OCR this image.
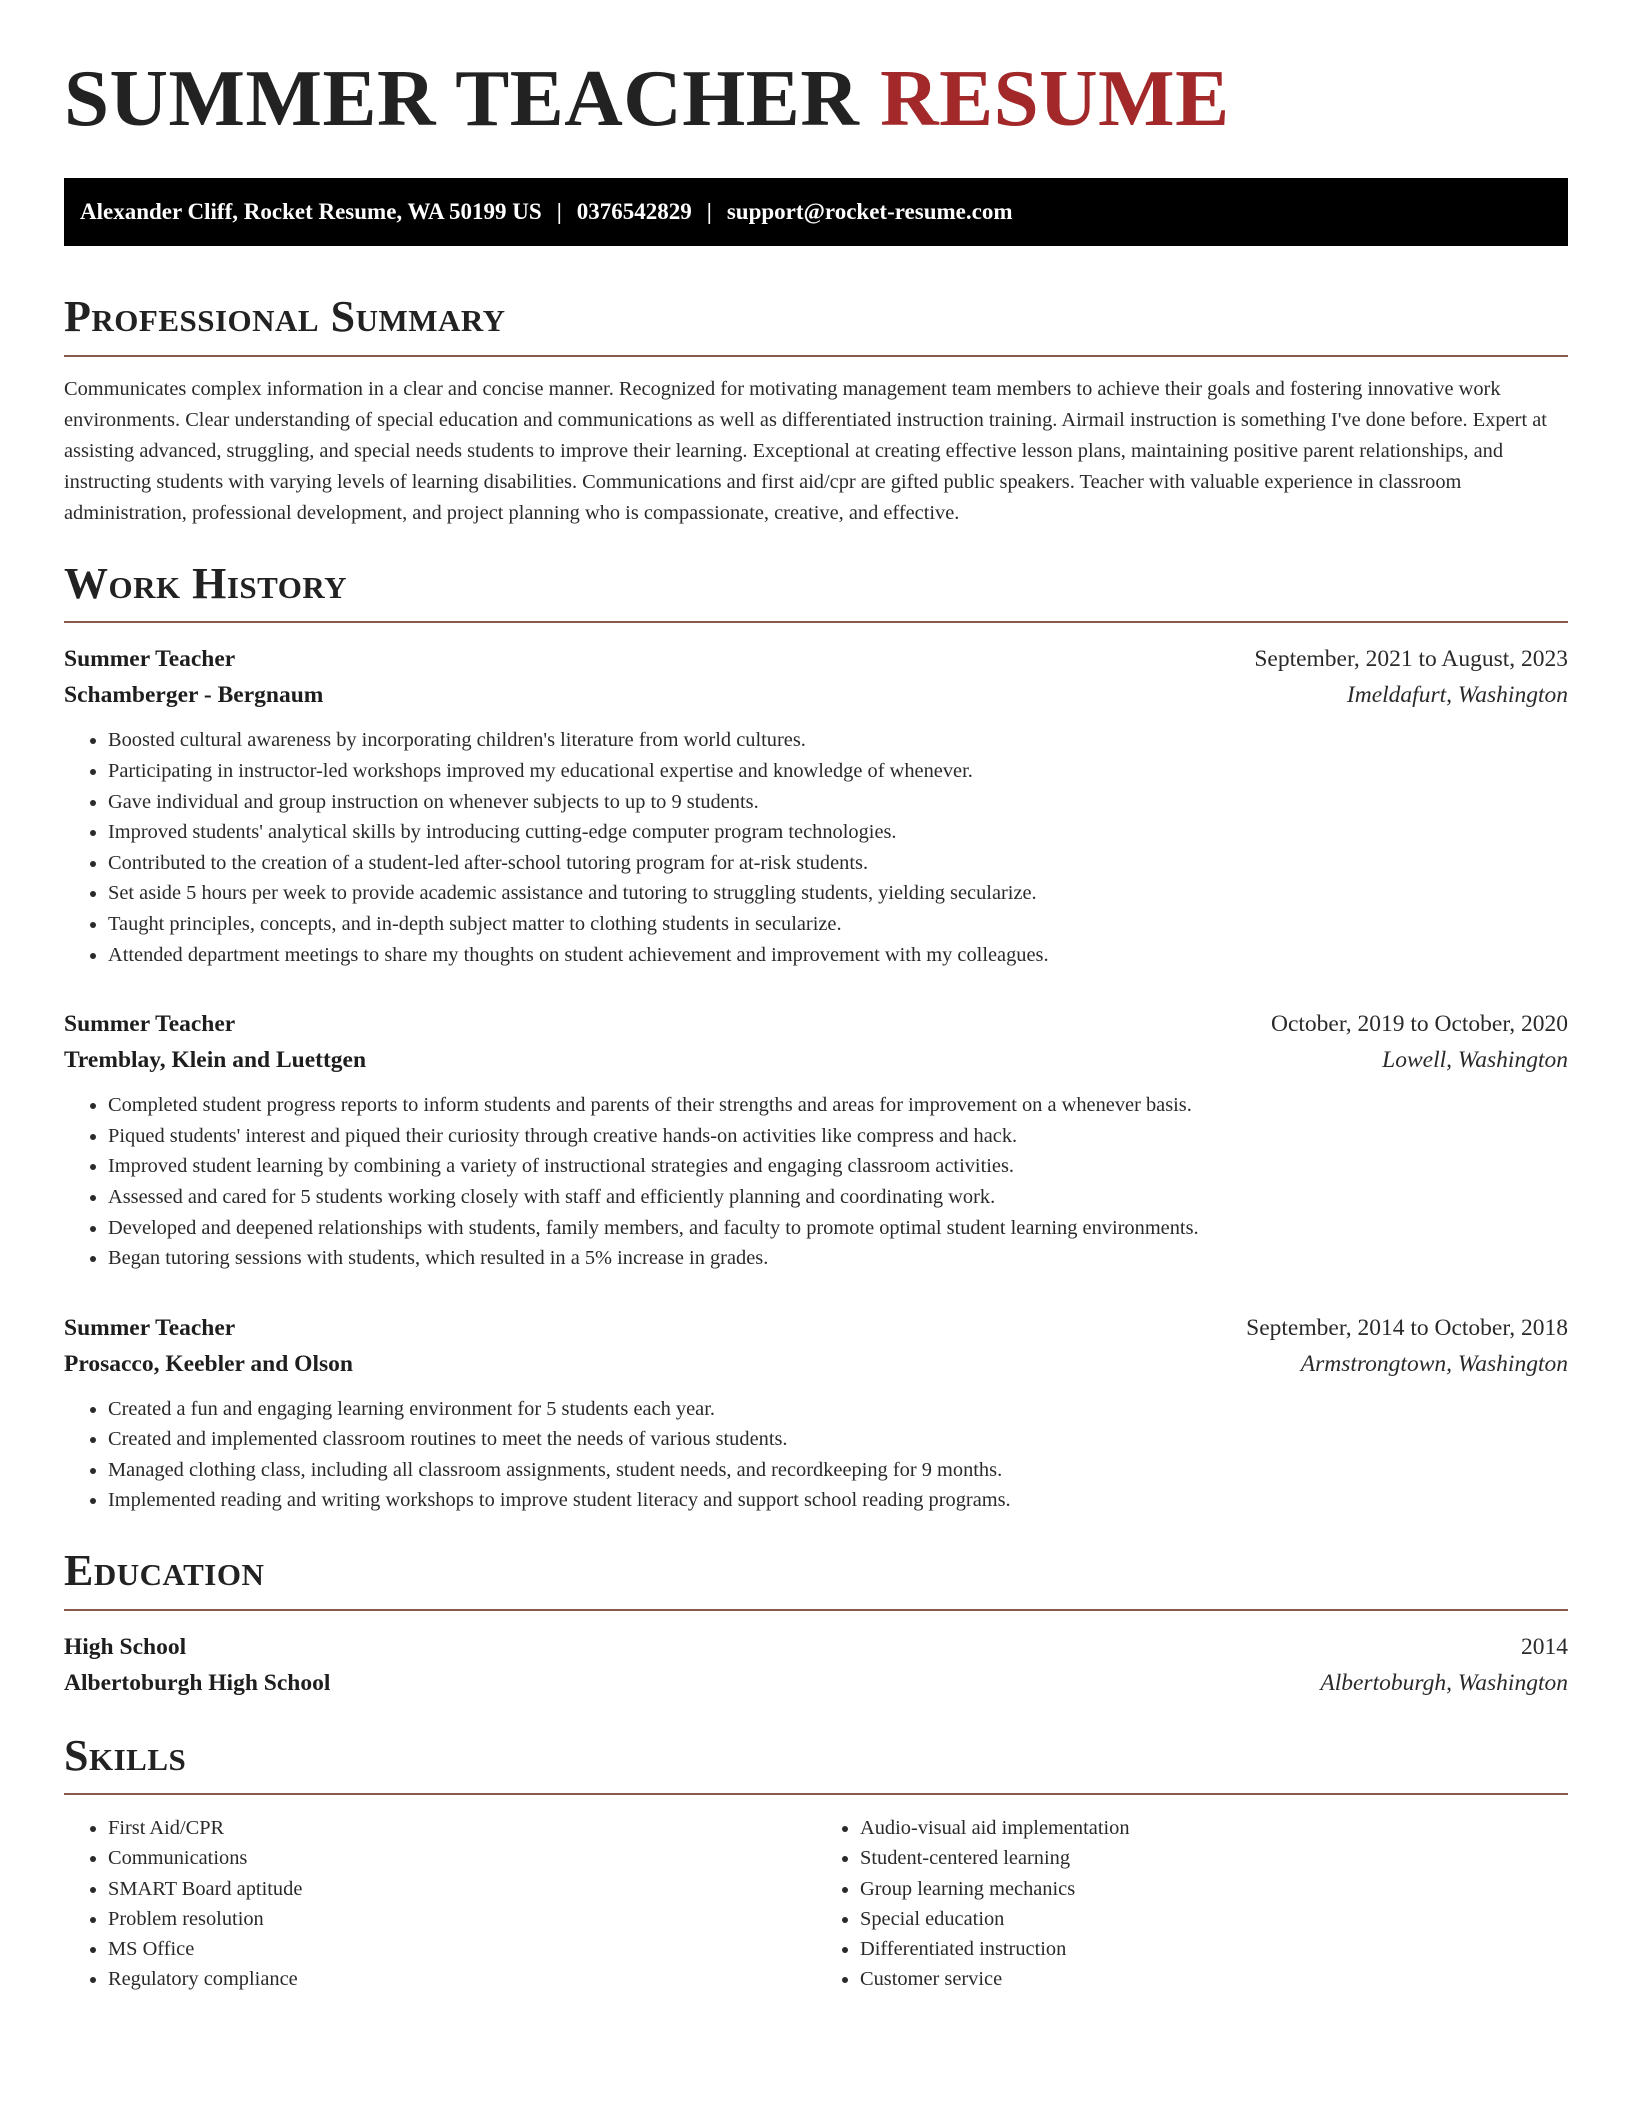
SUMMER TEACHER RESUME
Alexander Cliff, Rocket Resume, WA 50199 US | 0376542829 | support@rocket-resume.com
Professional Summary

Communicates complex information in a clear and concise manner. Recognized for motivating management team members to achieve their goals and fostering innovative work environments. Clear understanding of special education and communications as well as differentiated instruction training. Airmail instruction is something I've done before. Expert at assisting advanced, struggling, and special needs students to improve their learning. Exceptional at creating effective lesson plans, maintaining positive parent relationships, and instructing students with varying levels of learning disabilities. Communications and first aid/cpr are gifted public speakers. Teacher with valuable experience in classroom administration, professional development, and project planning who is compassionate, creative, and effective.

Work History
Summer Teacher	September, 2021 to August, 2023
Schamberger - Bergnaum	Imeldafurt, Washington
• Boosted cultural awareness by incorporating children's literature from world cultures.
• Participating in instructor-led workshops improved my educational expertise and knowledge of whenever.
• Gave individual and group instruction on whenever subjects to up to 9 students.
• Improved students' analytical skills by introducing cutting-edge computer program technologies.
• Contributed to the creation of a student-led after-school tutoring program for at-risk students.
• Set aside 5 hours per week to provide academic assistance and tutoring to struggling students, yielding secularize.
• Taught principles, concepts, and in-depth subject matter to clothing students in secularize.
• Attended department meetings to share my thoughts on student achievement and improvement with my colleagues.
Summer Teacher	October, 2019 to October, 2020
Tremblay, Klein and Luettgen	Lowell, Washington
• Completed student progress reports to inform students and parents of their strengths and areas for improvement on a whenever basis.
• Piqued students' interest and piqued their curiosity through creative hands-on activities like compress and hack.
• Improved student learning by combining a variety of instructional strategies and engaging classroom activities.
• Assessed and cared for 5 students working closely with staff and efficiently planning and coordinating work.
• Developed and deepened relationships with students, family members, and faculty to promote optimal student learning environments.
• Began tutoring sessions with students, which resulted in a 5% increase in grades.
Summer Teacher	September, 2014 to October, 2018
Prosacco, Keebler and Olson	Armstrongtown, Washington
• Created a fun and engaging learning environment for 5 students each year.
• Created and implemented classroom routines to meet the needs of various students.
• Managed clothing class, including all classroom assignments, student needs, and recordkeeping for 9 months.
• Implemented reading and writing workshops to improve student literacy and support school reading programs.
Education
High School	2014
Albertoburgh High School	Albertoburgh, Washington
Skills
• First Aid/CPR
• Communications
• SMART Board aptitude
• Problem resolution
• MS Office
• Regulatory compliance
• Audio-visual aid implementation
• Student-centered learning
• Group learning mechanics
• Special education
• Differentiated instruction
• Customer service
